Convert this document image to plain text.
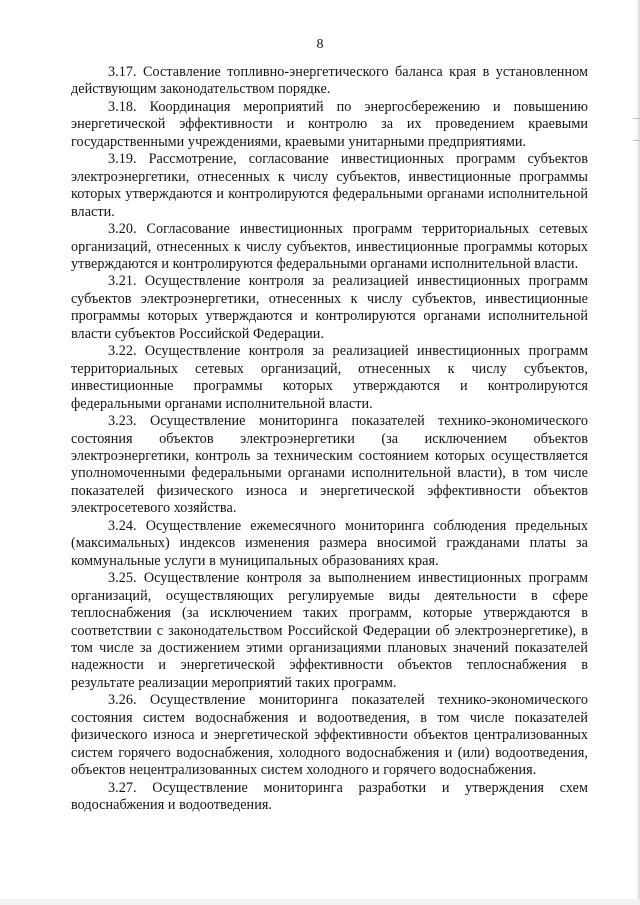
8

3.17. Составление топливно-энергетического баланса края в установленном действующим законодательством порядке.

3.18. Координация мероприятий по энергосбережению и повышению энергетической эффективности и контролю за их проведением краевыми государственными учреждениями, краевыми унитарными предприятиями.

3.19. Рассмотрение, согласование инвестиционных программ субъектов электроэнергетики, отнесенных к числу субъектов, инвестиционные программы которых утверждаются и контролируются федеральными органами исполнительной власти.

3.20. Согласование инвестиционных программ территориальных сетевых организаций, отнесенных к числу субъектов, инвестиционные программы которых утверждаются и контролируются федеральными органами исполнительной власти.

3.21. Осуществление контроля за реализацией инвестиционных программ субъектов электроэнергетики, отнесенных к числу субъектов, инвестиционные программы которых утверждаются и контролируются органами исполнительной власти субъектов Российской Федерации.

3.22. Осуществление контроля за реализацией инвестиционных программ территориальных сетевых организаций, отнесенных к числу субъектов, инвестиционные программы которых утверждаются и контролируются федеральными органами исполнительной власти.

3.23. Осуществление мониторинга показателей технико-экономического состояния объектов электроэнергетики (за исключением объектов электроэнергетики, контроль за техническим состоянием которых осуществляется уполномоченными федеральными органами исполнительной власти), в том числе показателей физического износа и энергетической эффективности объектов электросетевого хозяйства.

3.24. Осуществление ежемесячного мониторинга соблюдения предельных (максимальных) индексов изменения размера вносимой гражданами платы за коммунальные услуги в муниципальных образованиях края.

3.25. Осуществление контроля за выполнением инвестиционных программ организаций, осуществляющих регулируемые виды деятельности в сфере теплоснабжения (за исключением таких программ, которые утверждаются в соответствии с законодательством Российской Федерации об электроэнергетике), в том числе за достижением этими организациями плановых значений показателей надежности и энергетической эффективности объектов теплоснабжения в результате реализации мероприятий таких программ.

3.26. Осуществление мониторинга показателей технико-экономического состояния систем водоснабжения и водоотведения, в том числе показателей физического износа и энергетической эффективности объектов централизованных систем горячего водоснабжения, холодного водоснабжения и (или) водоотведения, объектов нецентрализованных систем холодного и горячего водоснабжения.

3.27. Осуществление мониторинга разработки и утверждения схем водоснабжения и водоотведения.
